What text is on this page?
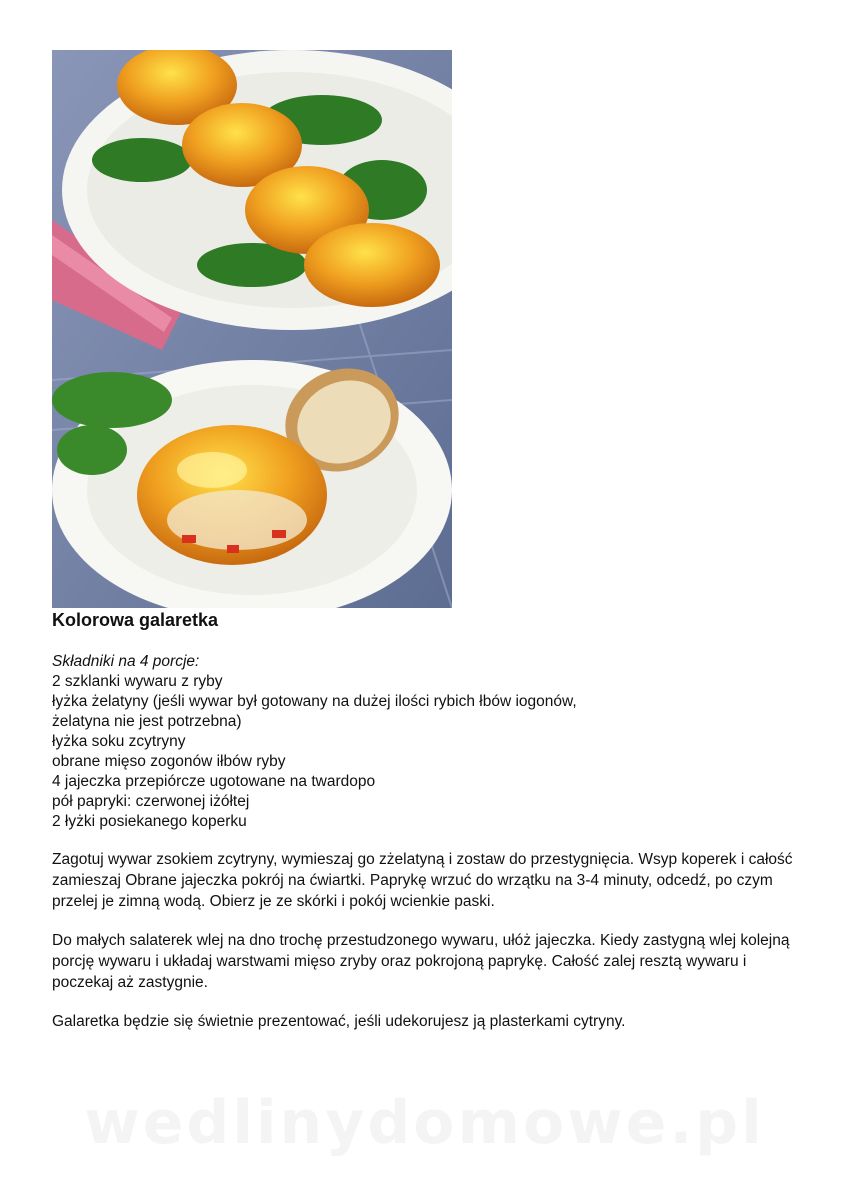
Kolorowa galaretka
Składniki na 4 porcje:
2 szklanki wywaru z ryby
łyżka żelatyny (jeśli wywar był gotowany na dużej ilości rybich łbów iogonów,
żelatyna nie jest potrzebna)
łyżka soku zcytryny
obrane mięso zogonów iłbów ryby
4 jajeczka przepiórcze ugotowane na twardopo
pół papryki: czerwonej iżółtej
2 łyżki posiekanego koperku
Zagotuj wywar zsokiem zcytryny, wymieszaj go zżelatyną i zostaw do przestygnięcia. Wsyp koperek i całość zamieszaj Obrane jajeczka pokrój na ćwiartki. Paprykę wrzuć do wrzątku na 3-4 minuty, odcedź, po czym przelej je zimną wodą. Obierz je ze skórki i pokój wcienkie paski.
Do małych salaterek wlej na dno trochę przestudzonego wywaru, ułóż jajeczka. Kiedy zastygną wlej kolejną porcję wywaru i układaj warstwami mięso zryby oraz pokrojoną paprykę. Całość zalej resztą wywaru i poczekaj aż zastygnie.
Galaretka będzie się świetnie prezentować, jeśli udekorujesz ją plasterkami cytryny.
wedlinydomowe.pl
